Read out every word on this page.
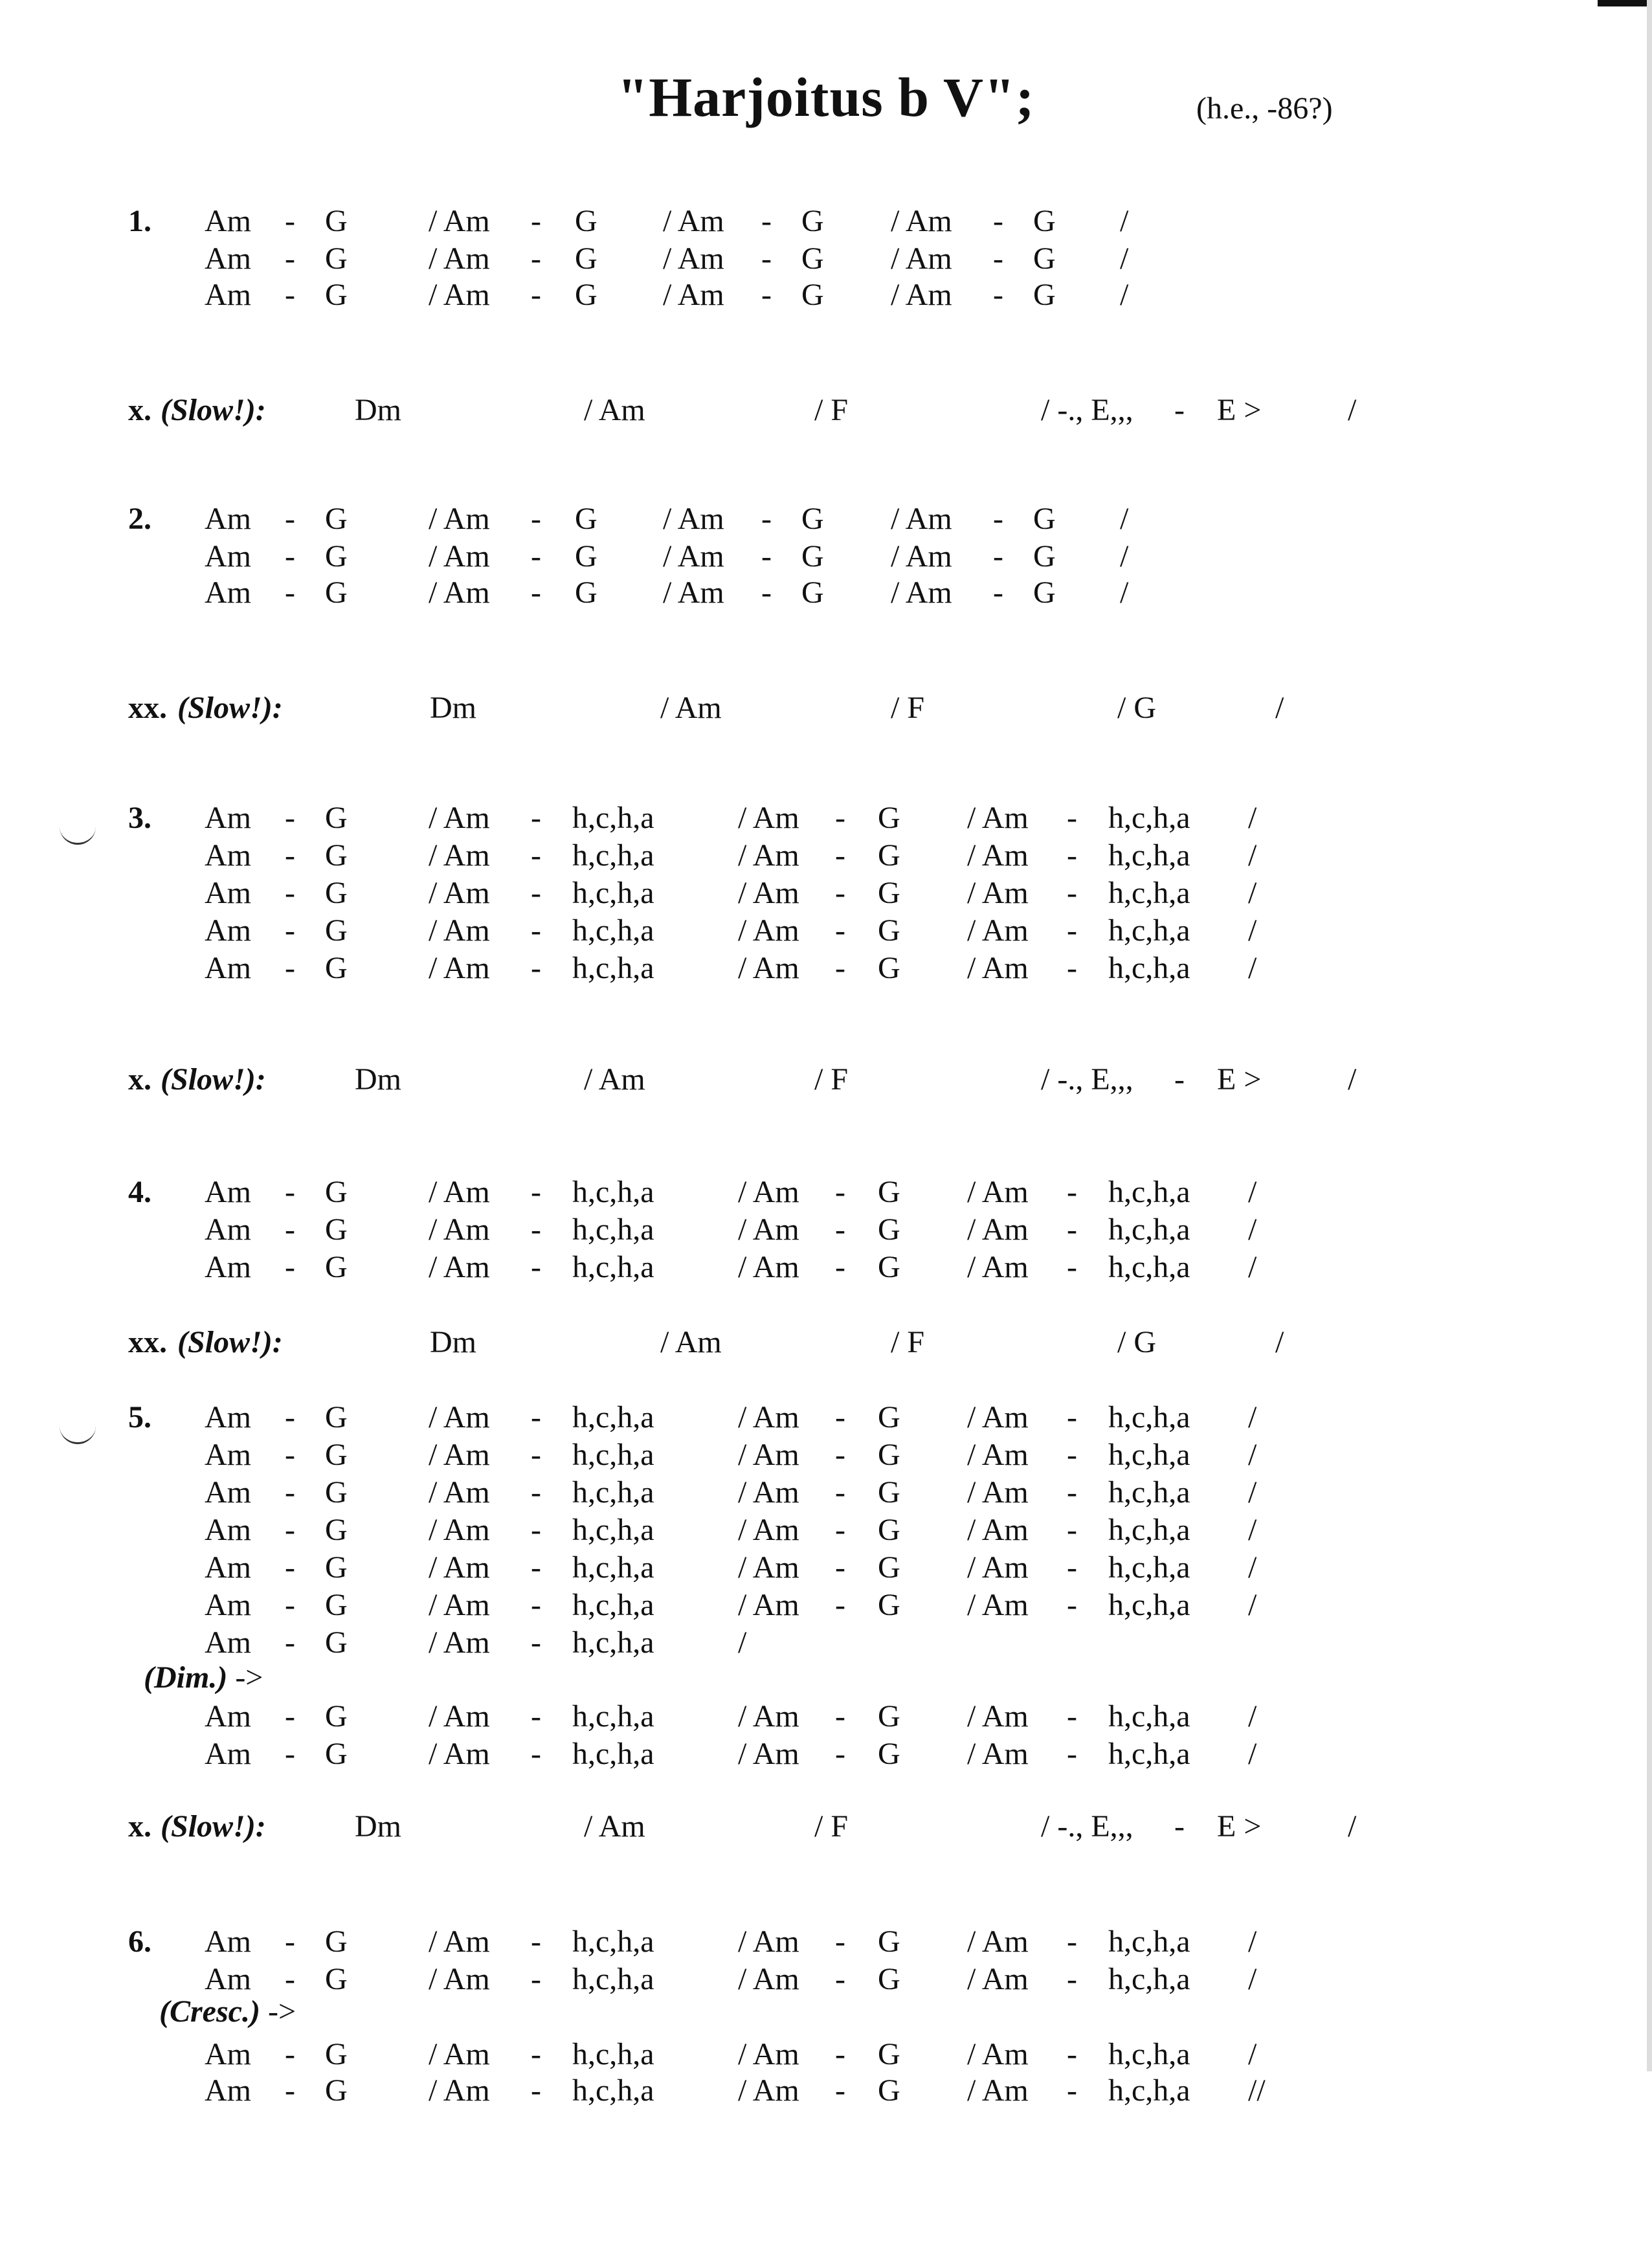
"Harjoitus b V";	(h.e., -86?)
(Dim.) ->
(Cresc.) ->
1. Am - G	/ Am - G / Am - G / Am - G /
Am - G	/ Am - G / Am - G / Am - G /
Am - G	/ Am - G / Am - G / Am - G /
x. (Slow!):	Dm	/ Am	/ F	/ -., E,,, - E >	/
2. Am - G	/ Am - G / Am - G / Am - G /
Am - G	/ Am - G / Am - G / Am - G /
Am - G	/ Am - G / Am - G / Am - G /
xx. (Slow!):	Dm	/ Am	/ F	/ G	/
3. Am - G	/ Am - h,c,h,a	/ Am - G / Am - h,c,h,a /
Am - G	/ Am - h,c,h,a	/ Am - G / Am - h,c,h,a /
Am - G	/ Am - h,c,h,a	/ Am - G / Am - h,c,h,a /
Am - G	/ Am - h,c,h,a	/ Am - G / Am - h,c,h,a /
Am - G	/ Am - h,c,h,a	/ Am - G / Am - h,c,h,a /
x. (Slow!):	Dm	/ Am	/ F	/ -., E,,, - E >	/
4. Am - G	/ Am - h,c,h,a	/ Am - G / Am - h,c,h,a /
Am - G	/ Am - h,c,h,a	/ Am - G / Am - h,c,h,a /
Am - G	/ Am - h,c,h,a	/ Am - G / Am - h,c,h,a /
xx. (Slow!):	Dm	/ Am	/ F	/ G	/
5. Am - G	/ Am - h,c,h,a	/ Am - G / Am - h,c,h,a /
Am - G	/ Am - h,c,h,a	/ Am - G / Am - h,c,h,a /
Am - G	/ Am - h,c,h,a	/ Am - G / Am - h,c,h,a /
Am - G	/ Am - h,c,h,a	/ Am - G / Am - h,c,h,a /
Am - G	/ Am - h,c,h,a	/ Am - G / Am - h,c,h,a /
Am - G	/ Am - h,c,h,a	/ Am - G / Am - h,c,h,a /
Am - G	/ Am - h,c,h,a	/
Am - G	/ Am - h,c,h,a	/ Am - G / Am - h,c,h,a /
Am - G	/ Am - h,c,h,a	/ Am - G / Am - h,c,h,a /
x. (Slow!):	Dm	/ Am	/ F	/ -., E,,, - E >	/
6. Am - G	/ Am - h,c,h,a	/ Am - G / Am - h,c,h,a /
Am - G	/ Am - h,c,h,a	/ Am - G / Am - h,c,h,a /
Am - G	/ Am - h,c,h,a	/ Am - G / Am - h,c,h,a /
Am - G	/ Am - h,c,h,a	/ Am - G / Am - h,c,h,a //
